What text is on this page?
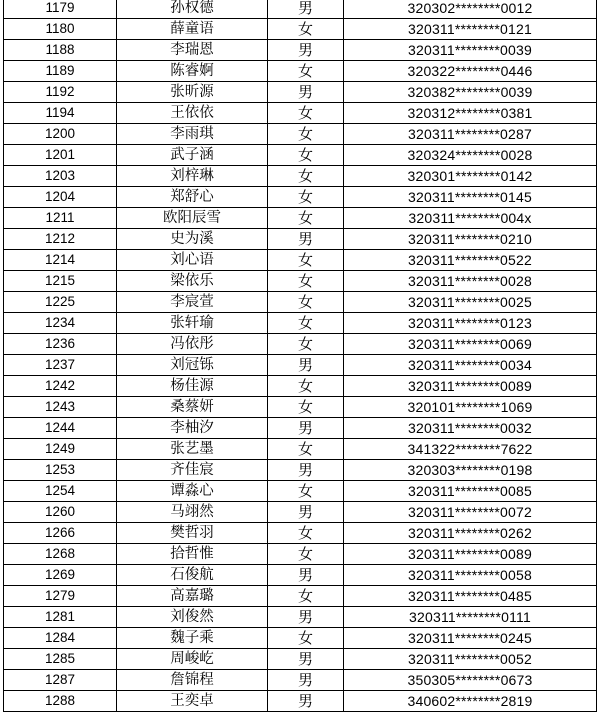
1179	孙权德	男	320302********0012
1180	薛童语	女	320311********0121
1188	李瑞恩	男	320311********0039
1189	陈睿婀	女	320322********0446
1192	张昕源	男	320382********0039
1194	王依依	女	320312********0381
1200	李雨琪	女	320311********0287
1201	武子涵	女	320324********0028
1203	刘梓琳	女	320301********0142
1204	郑舒心	女	320311********0145
1211	欧阳辰雪	女	320311********004x
1212	史为溪	男	320311********0210
1214	刘心语	女	320311********0522
1215	梁依乐	女	320311********0028
1225	李宸萱	女	320311********0025
1234	张轩瑜	女	320311********0123
1236	冯依彤	女	320311********0069
1237	刘冠铄	男	320311********0034
1242	杨佳源	女	320311********0089
1243	桑蔡妍	女	320101********1069
1244	李柚汐	男	320311********0032
1249	张艺墨	女	341322********7622
1253	齐佳宸	男	320303********0198
1254	谭淼心	女	320311********0085
1260	马翊然	男	320311********0072
1266	樊哲羽	女	320311********0262
1268	拾哲惟	女	320311********0089
1269	石俊航	男	320311********0058
1279	高嘉璐	女	320311********0485
1281	刘俊然	男	320311********0111
1284	魏子乘	女	320311********0245
1285	周峻屹	男	320311********0052
1287	詹锦程	男	350305********0673
1288	王奕卓	男	340602********2819
